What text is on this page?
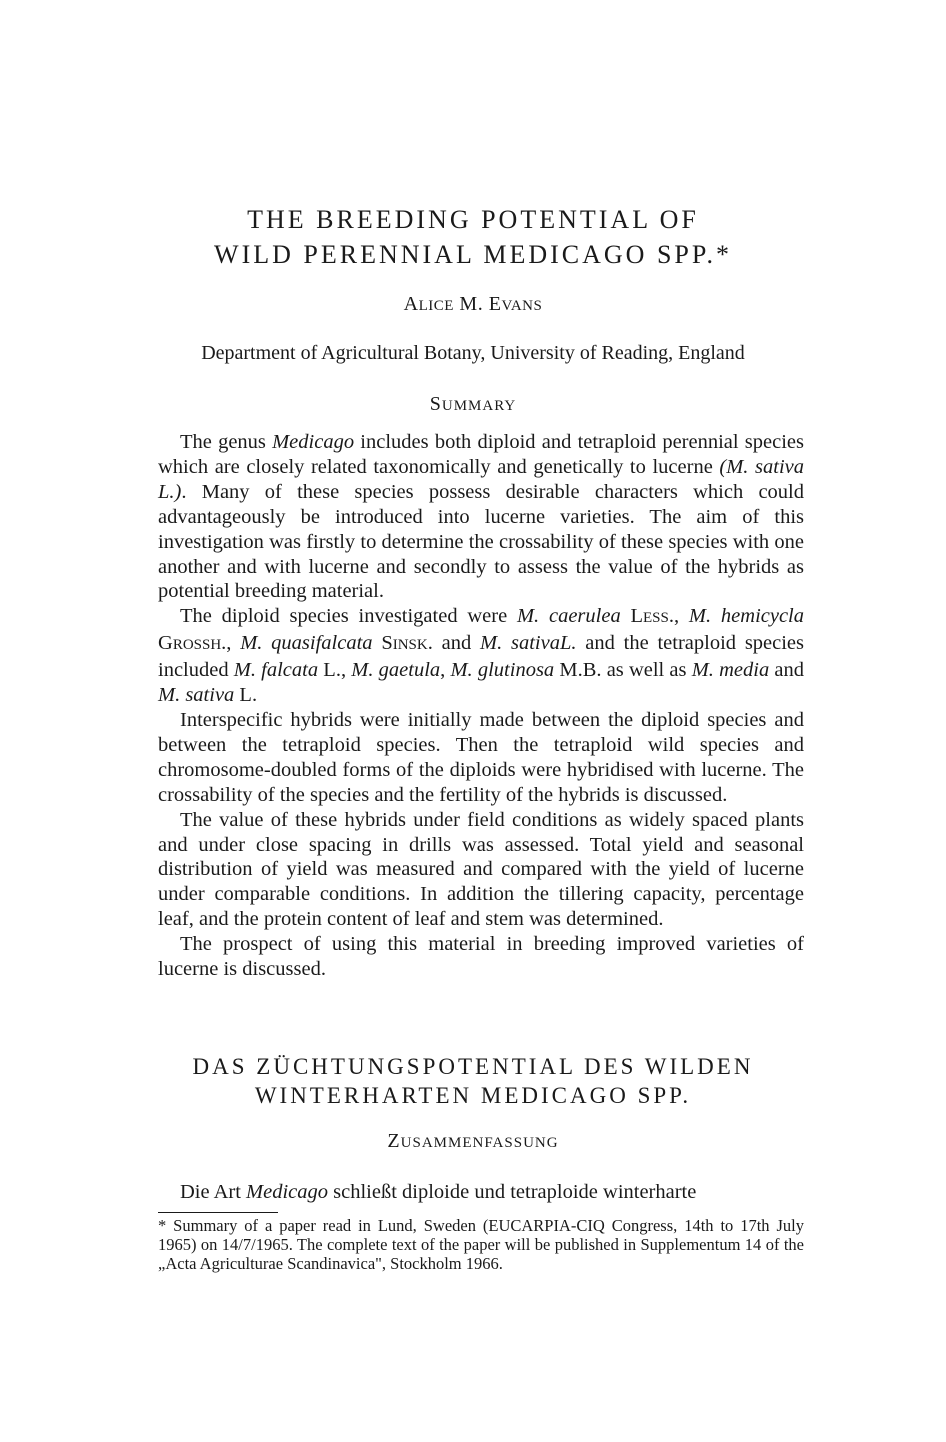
THE BREEDING POTENTIAL OF
WILD PERENNIAL MEDICAGO SPP.*
ALICE M. EVANS
Department of Agricultural Botany, University of Reading, England
SUMMARY

The genus Medicago includes both diploid and tetraploid perennial species which are closely related taxonomically and genetically to lucerne (M. sativa L.). Many of these species possess desirable characters which could advantageously be introduced into lucerne varieties. The aim of this investigation was firstly to determine the crossability of these species with one another and with lucerne and secondly to assess the value of the hybrids as potential breeding material.

The diploid species investigated were M. caerulea LESS., M. hemicycla GROSSH., M. quasifalcata SINSK. and M. sativaL. and the tetraploid species included M. falcata L., M. gaetula, M. glutinosa M.B. as well as M. media and M. sativa L.

Interspecific hybrids were initially made between the diploid species and between the tetraploid species. Then the tetraploid wild species and chromosome-doubled forms of the diploids were hybridised with lucerne. The crossability of the species and the fertility of the hybrids is discussed.

The value of these hybrids under field conditions as widely spaced plants and under close spacing in drills was assessed. Total yield and seasonal distribution of yield was measured and compared with the yield of lucerne under comparable conditions. In addition the tillering capacity, percentage leaf, and the protein content of leaf and stem was determined.

The prospect of using this material in breeding improved varieties of lucerne is discussed.

DAS ZÜCHTUNGSPOTENTIAL DES WILDEN
WINTERHARTEN MEDICAGO SPP.
ZUSAMMENFASSUNG

Die Art Medicago schließt diploide und tetraploide winterharte

* Summary of a paper read in Lund, Sweden (EUCARPIA-CIQ Congress, 14th to 17th July 1965) on 14/7/1965. The complete text of the paper will be published in Supplementum 14 of the „Acta Agriculturae Scandinavica", Stockholm 1966.
